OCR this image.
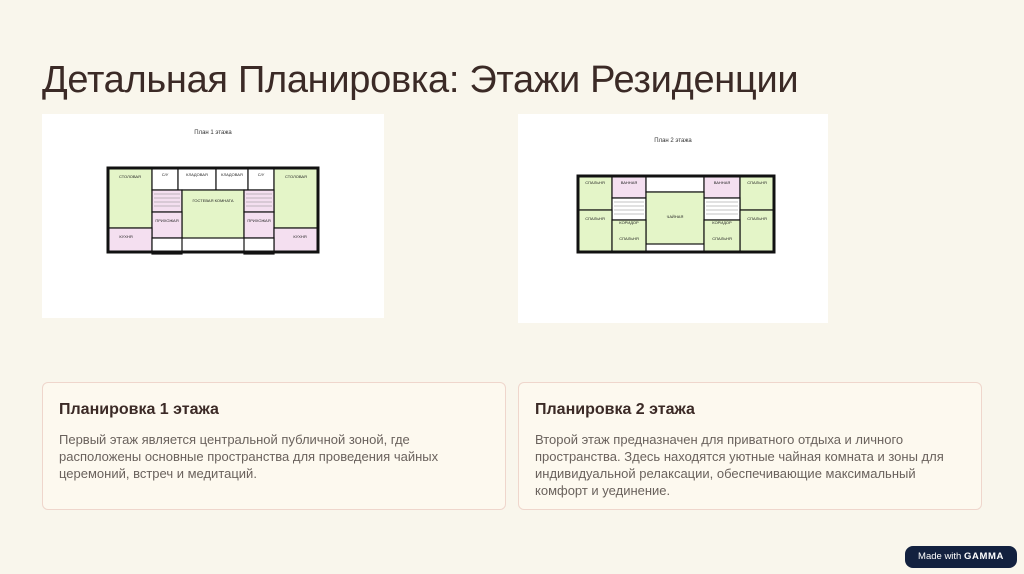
Детальная Планировка: Этажи Резиденции
План 1 этажа
СТОЛОВАЯ	С/У	КЛАДОВАЯ	КЛАДОВАЯ	С/У	СТОЛОВАЯ
ГОСТЕВАЯ КОМНАТА
ПРИХОЖАЯ	ПРИХОЖАЯ
КУХНЯ	КУХНЯ
План 2 этажа
СПАЛЬНЯ	ВАННАЯ	ВАННАЯ	СПАЛЬНЯ
СПАЛЬНЯ
КОРИДОР
ЧАЙНАЯ
КОРИДОР
СПАЛЬНЯ
СПАЛЬНЯ	СПАЛЬНЯ
Планировка 1 этажа

Первый этаж является центральной публичной зоной, где расположены основные пространства для проведения чайных церемоний, встреч и медитаций.

Планировка 2 этажа

Второй этаж предназначен для приватного отдыха и личного пространства. Здесь находятся уютные чайная комната и зоны для индивидуальной релаксации, обеспечивающие максимальный комфорт и уединение.

Made with GAMMA
